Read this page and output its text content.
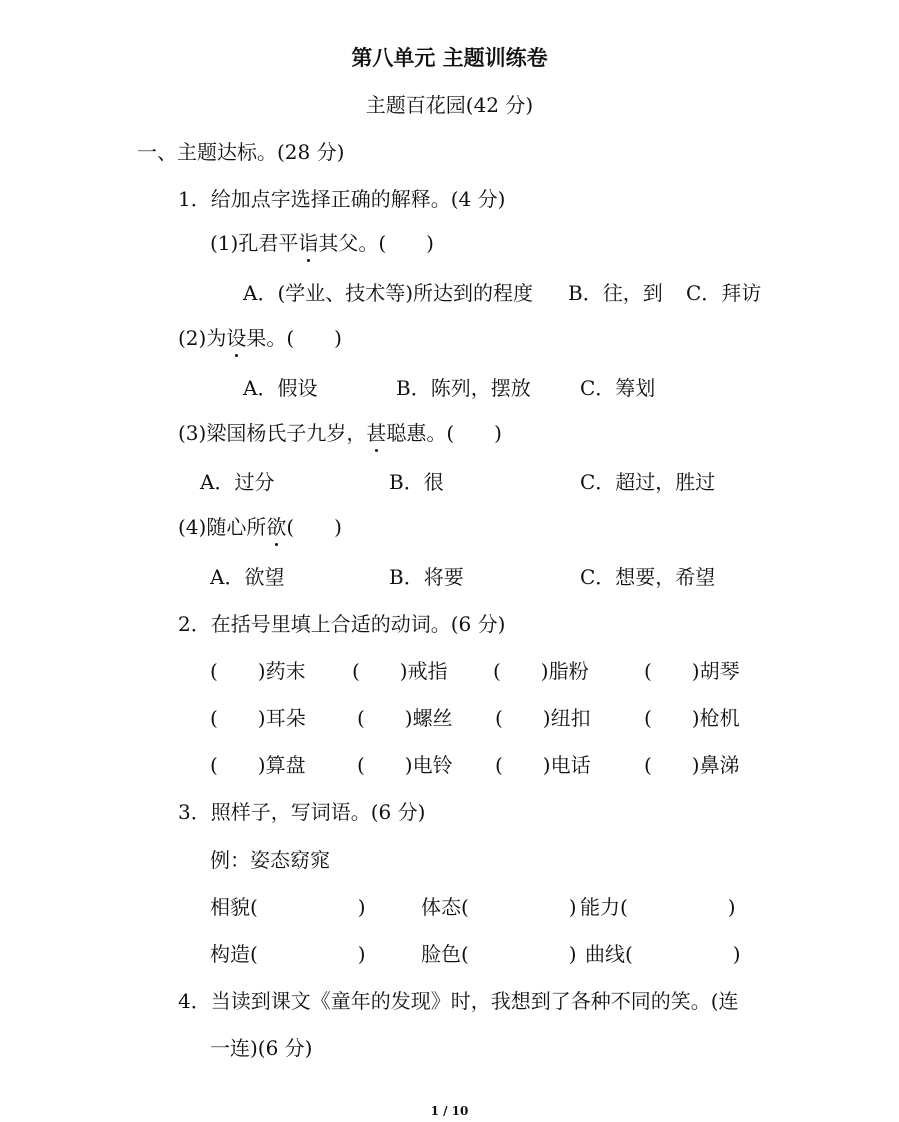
第八单元 主题训练卷
主题百花园(42 分)
一、主题达标。(28 分)
1．给加点字选择正确的解释。(4 分)
(1)孔君平诣其父。(　　)
A．(学业、技术等)所达到的程度 B．往，到 C．拜访
(2)为设果。(　　)
A．假设	B．陈列，摆放 C．筹划
(3)梁国杨氏子九岁，甚聪惠。(　　)
A．过分	B．很	C．超过，胜过
(4)随心所欲(　　)
A．欲望	B．将要	C．想要，希望
2．在括号里填上合适的动词。(6 分)
(　　)药末 (　　)戒指 (　　)脂粉	(　　)胡琴
(　　)耳朵	(　　)螺丝 (　　)纽扣	(　　)枪机
(　　)算盘	(　　)电铃 (　　)电话	(　　)鼻涕
3．照样子，写词语。(6 分)
例：姿态窈窕
相貌(　　　　　)	体态(　　　　　) 能力(　　　　　)
构造(　　　　　)	脸色(　　　　　) 曲线(　　　　　)
4．当读到课文《童年的发现》时，我想到了各种不同的笑。(连
一连)(6 分)
1 / 10
